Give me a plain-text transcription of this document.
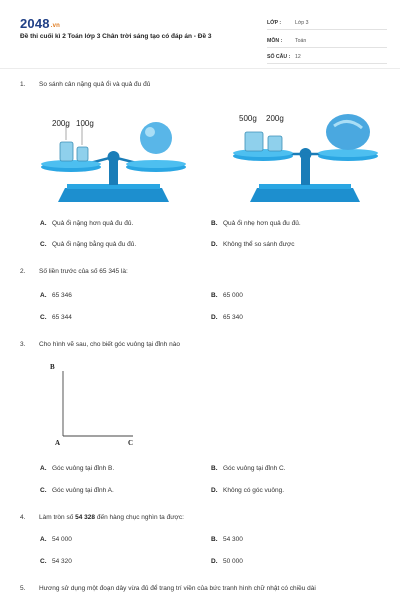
2048.vn
Đề thi cuối kì 2 Toán lớp 3 Chân trời sáng tạo có đáp án - Đề 3
LỚP :	Lớp 3
MÔN : Toán
SỐ CÂU : 12
1.	So sánh cân nặng quả ổi và quả đu đủ
200g 100g
500g 200g
A. Quả ổi nặng hơn quả đu đủ.	B. Quả ổi nhẹ hơn quả đu đủ.
C. Quả ổi nặng bằng quả đu đủ.	D. Không thể so sánh được
2.	Số liền trước của số 65 345 là:
A. 65 346	B. 65 000
C. 65 344	D. 65 340
3.	Cho hình vẽ sau, cho biết góc vuông tại đỉnh nào
B
A	C
A. Góc vuông tại đỉnh B.	B. Góc vuông tại đỉnh C.
C. Góc vuông tại đỉnh A.	D. Không có góc vuông.
4.	Làm tròn số 54 328 đến hàng chục nghìn ta được:
A. 54 000	B. 54 300
C. 54 320	D. 50 000
5.	Hương sử dụng một đoạn dây vừa đủ để trang trí viền của bức tranh hình chữ nhật có chiều dài
